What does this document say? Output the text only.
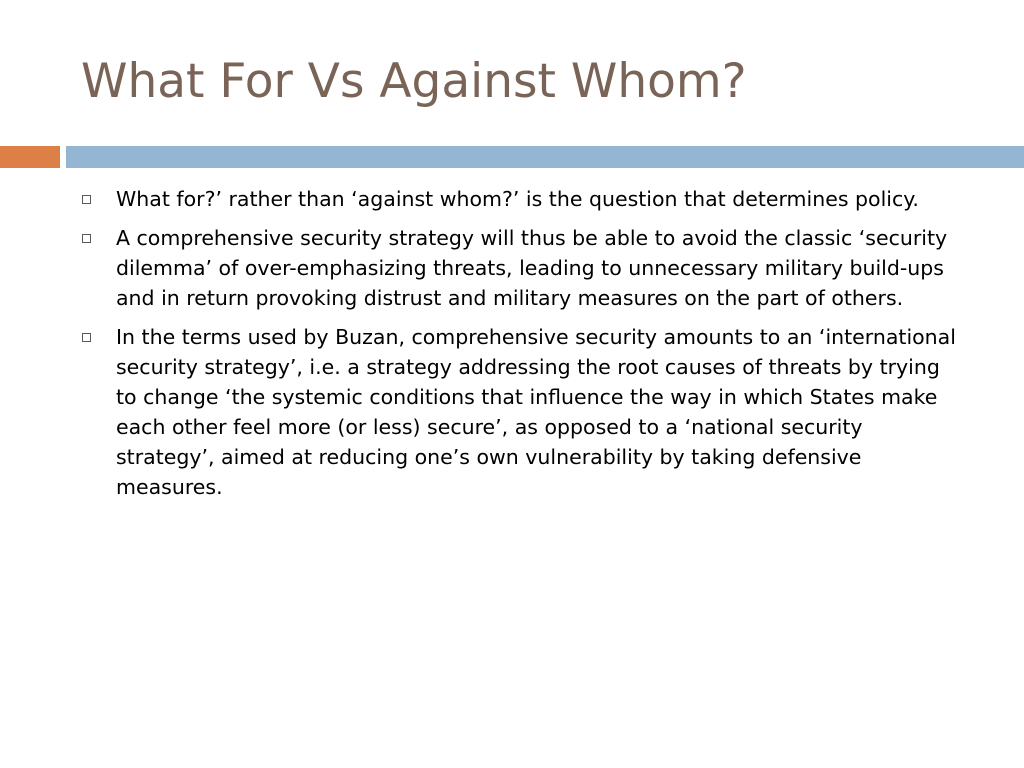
What For Vs Against Whom?
What for?’ rather than ‘against whom?’ is the question that determines policy.
A comprehensive security strategy will thus be able to avoid the classic ‘security dilemma’ of over-emphasizing threats, leading to unnecessary military build-ups and in return provoking distrust and military measures on the part of others.
In the terms used by Buzan, comprehensive security amounts to an ‘international security strategy’, i.e. a strategy addressing the root causes of threats by trying to change ‘the systemic conditions that influence the way in which States make each other feel more (or less) secure’, as opposed to a ‘national security strategy’, aimed at reducing one’s own vulnerability by taking defensive measures.
